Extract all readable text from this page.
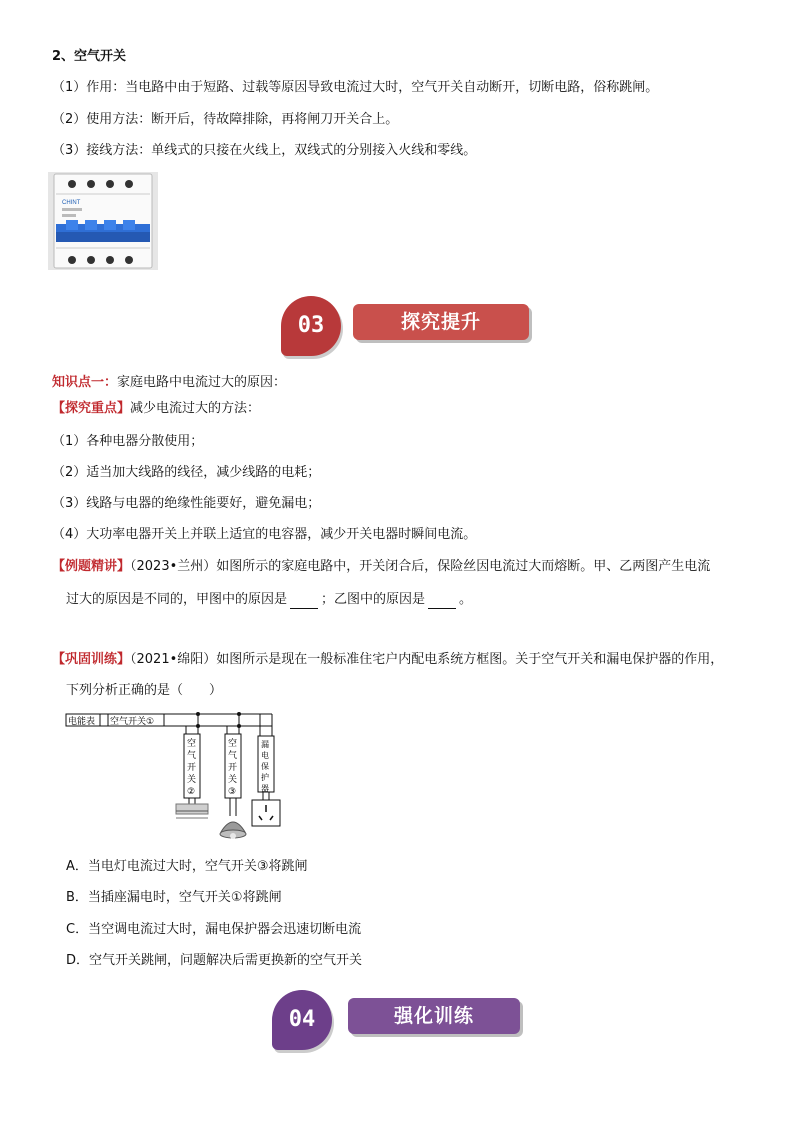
2、空气开关
（1）作用：当电路中由于短路、过载等原因导致电流过大时，空气开关自动断开，切断电路，俗称跳闸。
（2）使用方法：断开后，待故障排除，再将闸刀开关合上。
（3）接线方法：单线式的只接在火线上，双线式的分别接入火线和零线。
CHINT
探究提升
03
知识点一：家庭电路中电流过大的原因：
【探究重点】减少电流过大的方法：
（1）各种电器分散使用；
（2）适当加大线路的线径，减少线路的电耗；
（3）线路与电器的绝缘性能要好，避免漏电；
（4）大功率电器开关上并联上适宜的电容器，减少开关电器时瞬间电流。
【例题精讲】（2023•兰州）如图所示的家庭电路中，开关闭合后，保险丝因电流过大而熔断。甲、乙两图产生电流
过大的原因是不同的，甲图中的原因是	；乙图中的原因是	。
【巩固训练】（2021•绵阳）如图所示是现在一般标准住宅户内配电系统方框图。关于空气开关和漏电保护器的作用，
下列分析正确的是（　　）
电能表 空气开关①
空
气
开
关
②
空
气
开
关
③
漏
电
保
护
器
A．当电灯电流过大时，空气开关③将跳闸
B．当插座漏电时，空气开关①将跳闸
C．当空调电流过大时，漏电保护器会迅速切断电流
D．空气开关跳闸，问题解决后需更换新的空气开关
强化训练
04
